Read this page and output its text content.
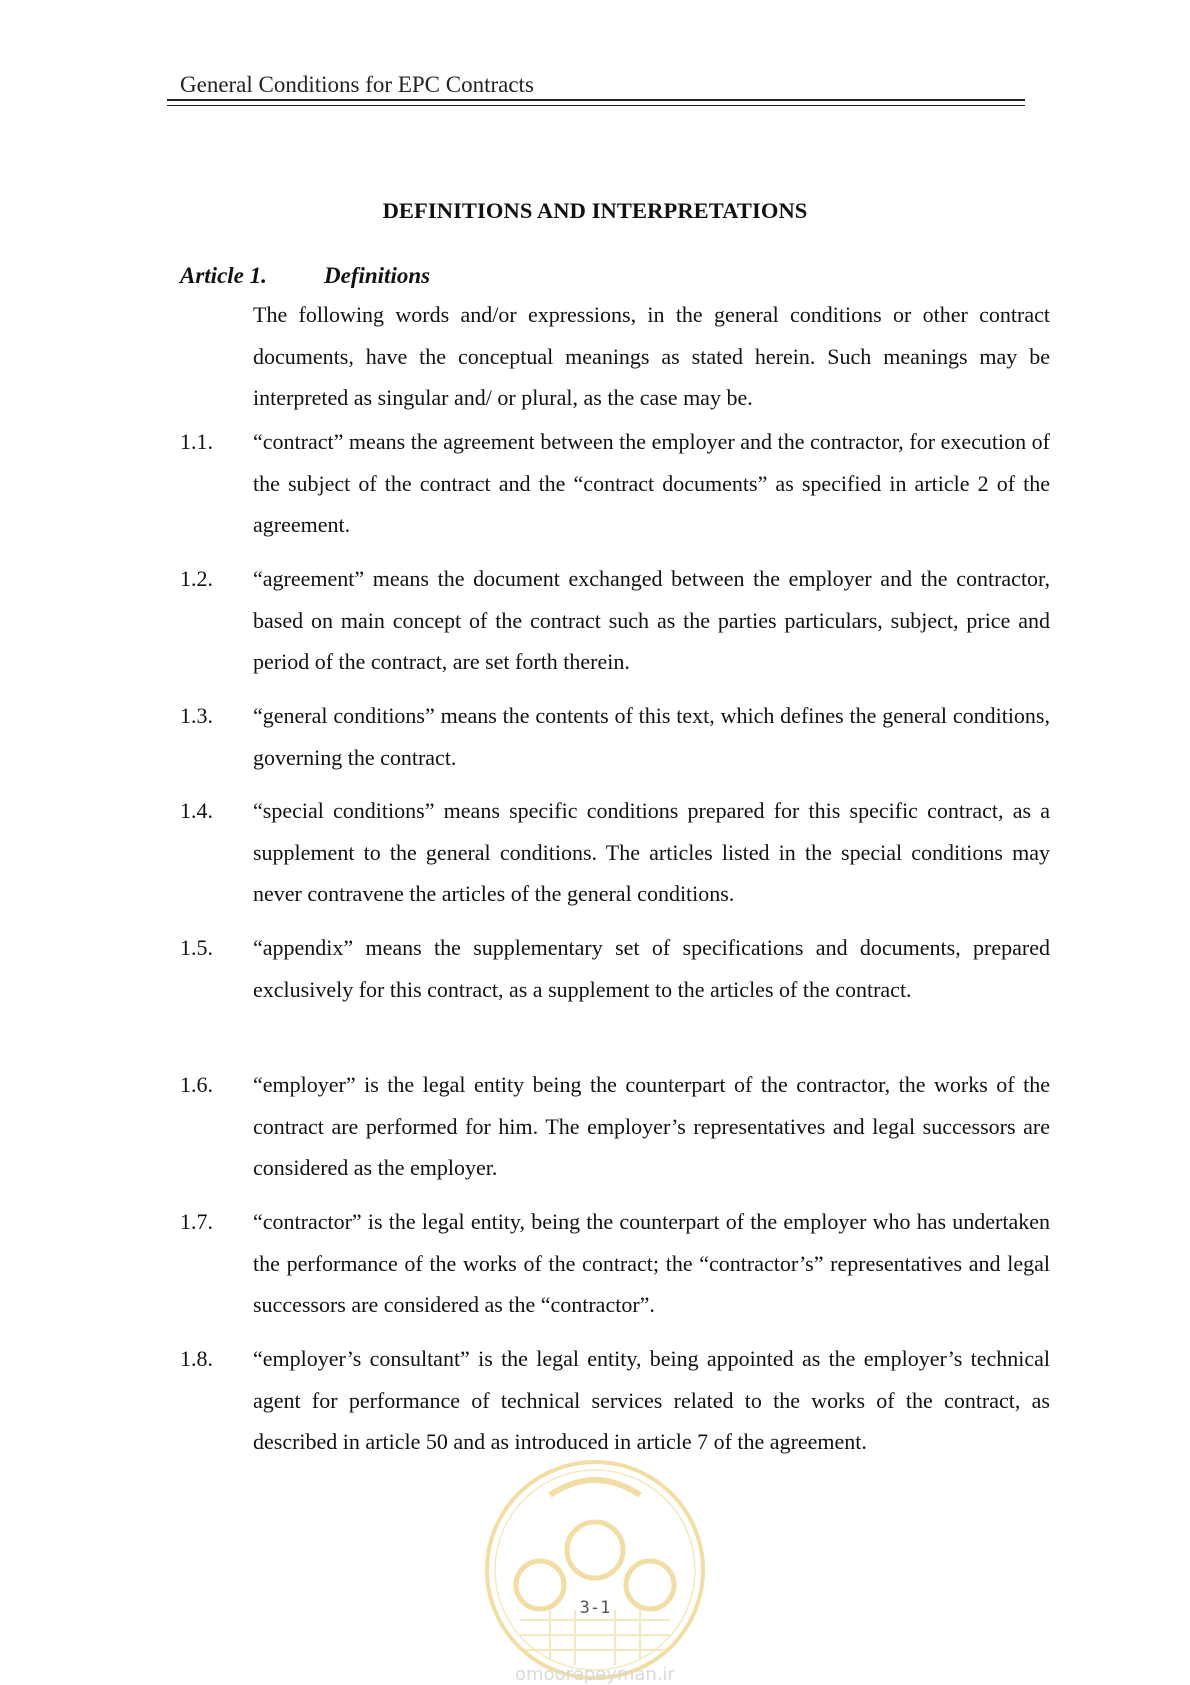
General Conditions for EPC Contracts
DEFINITIONS AND INTERPRETATIONS
Article 1. Definitions
The following words and/or expressions, in the general conditions or other contract documents, have the conceptual meanings as stated herein. Such meanings may be interpreted as singular and/ or plural, as the case may be.
1.1. “contract” means the agreement between the employer and the contractor, for execution of the subject of the contract and the “contract documents” as specified in article 2 of the agreement.
1.2. “agreement” means the document exchanged between the employer and the contractor, based on main concept of the contract such as the parties particulars, subject, price and period of the contract, are set forth therein.
1.3. “general conditions” means the contents of this text, which defines the general conditions, governing the contract.
1.4. “special conditions” means specific conditions prepared for this specific contract, as a supplement to the general conditions. The articles listed in the special conditions may never contravene the articles of the general conditions.
1.5. “appendix” means the supplementary set of specifications and documents, prepared exclusively for this contract, as a supplement to the articles of the contract.
1.6. “employer” is the legal entity being the counterpart of the contractor, the works of the contract are performed for him. The employer’s representatives and legal successors are considered as the employer.
1.7. “contractor” is the legal entity, being the counterpart of the employer who has undertaken the performance of the works of the contract; the “contractor’s” representatives and legal successors are considered as the “contractor”.
1.8. “employer’s consultant” is the legal entity, being appointed as the employer’s technical agent for performance of technical services related to the works of the contract, as described in article 50 and as introduced in article 7 of the agreement.
3-1
omoorepeyman.ir
